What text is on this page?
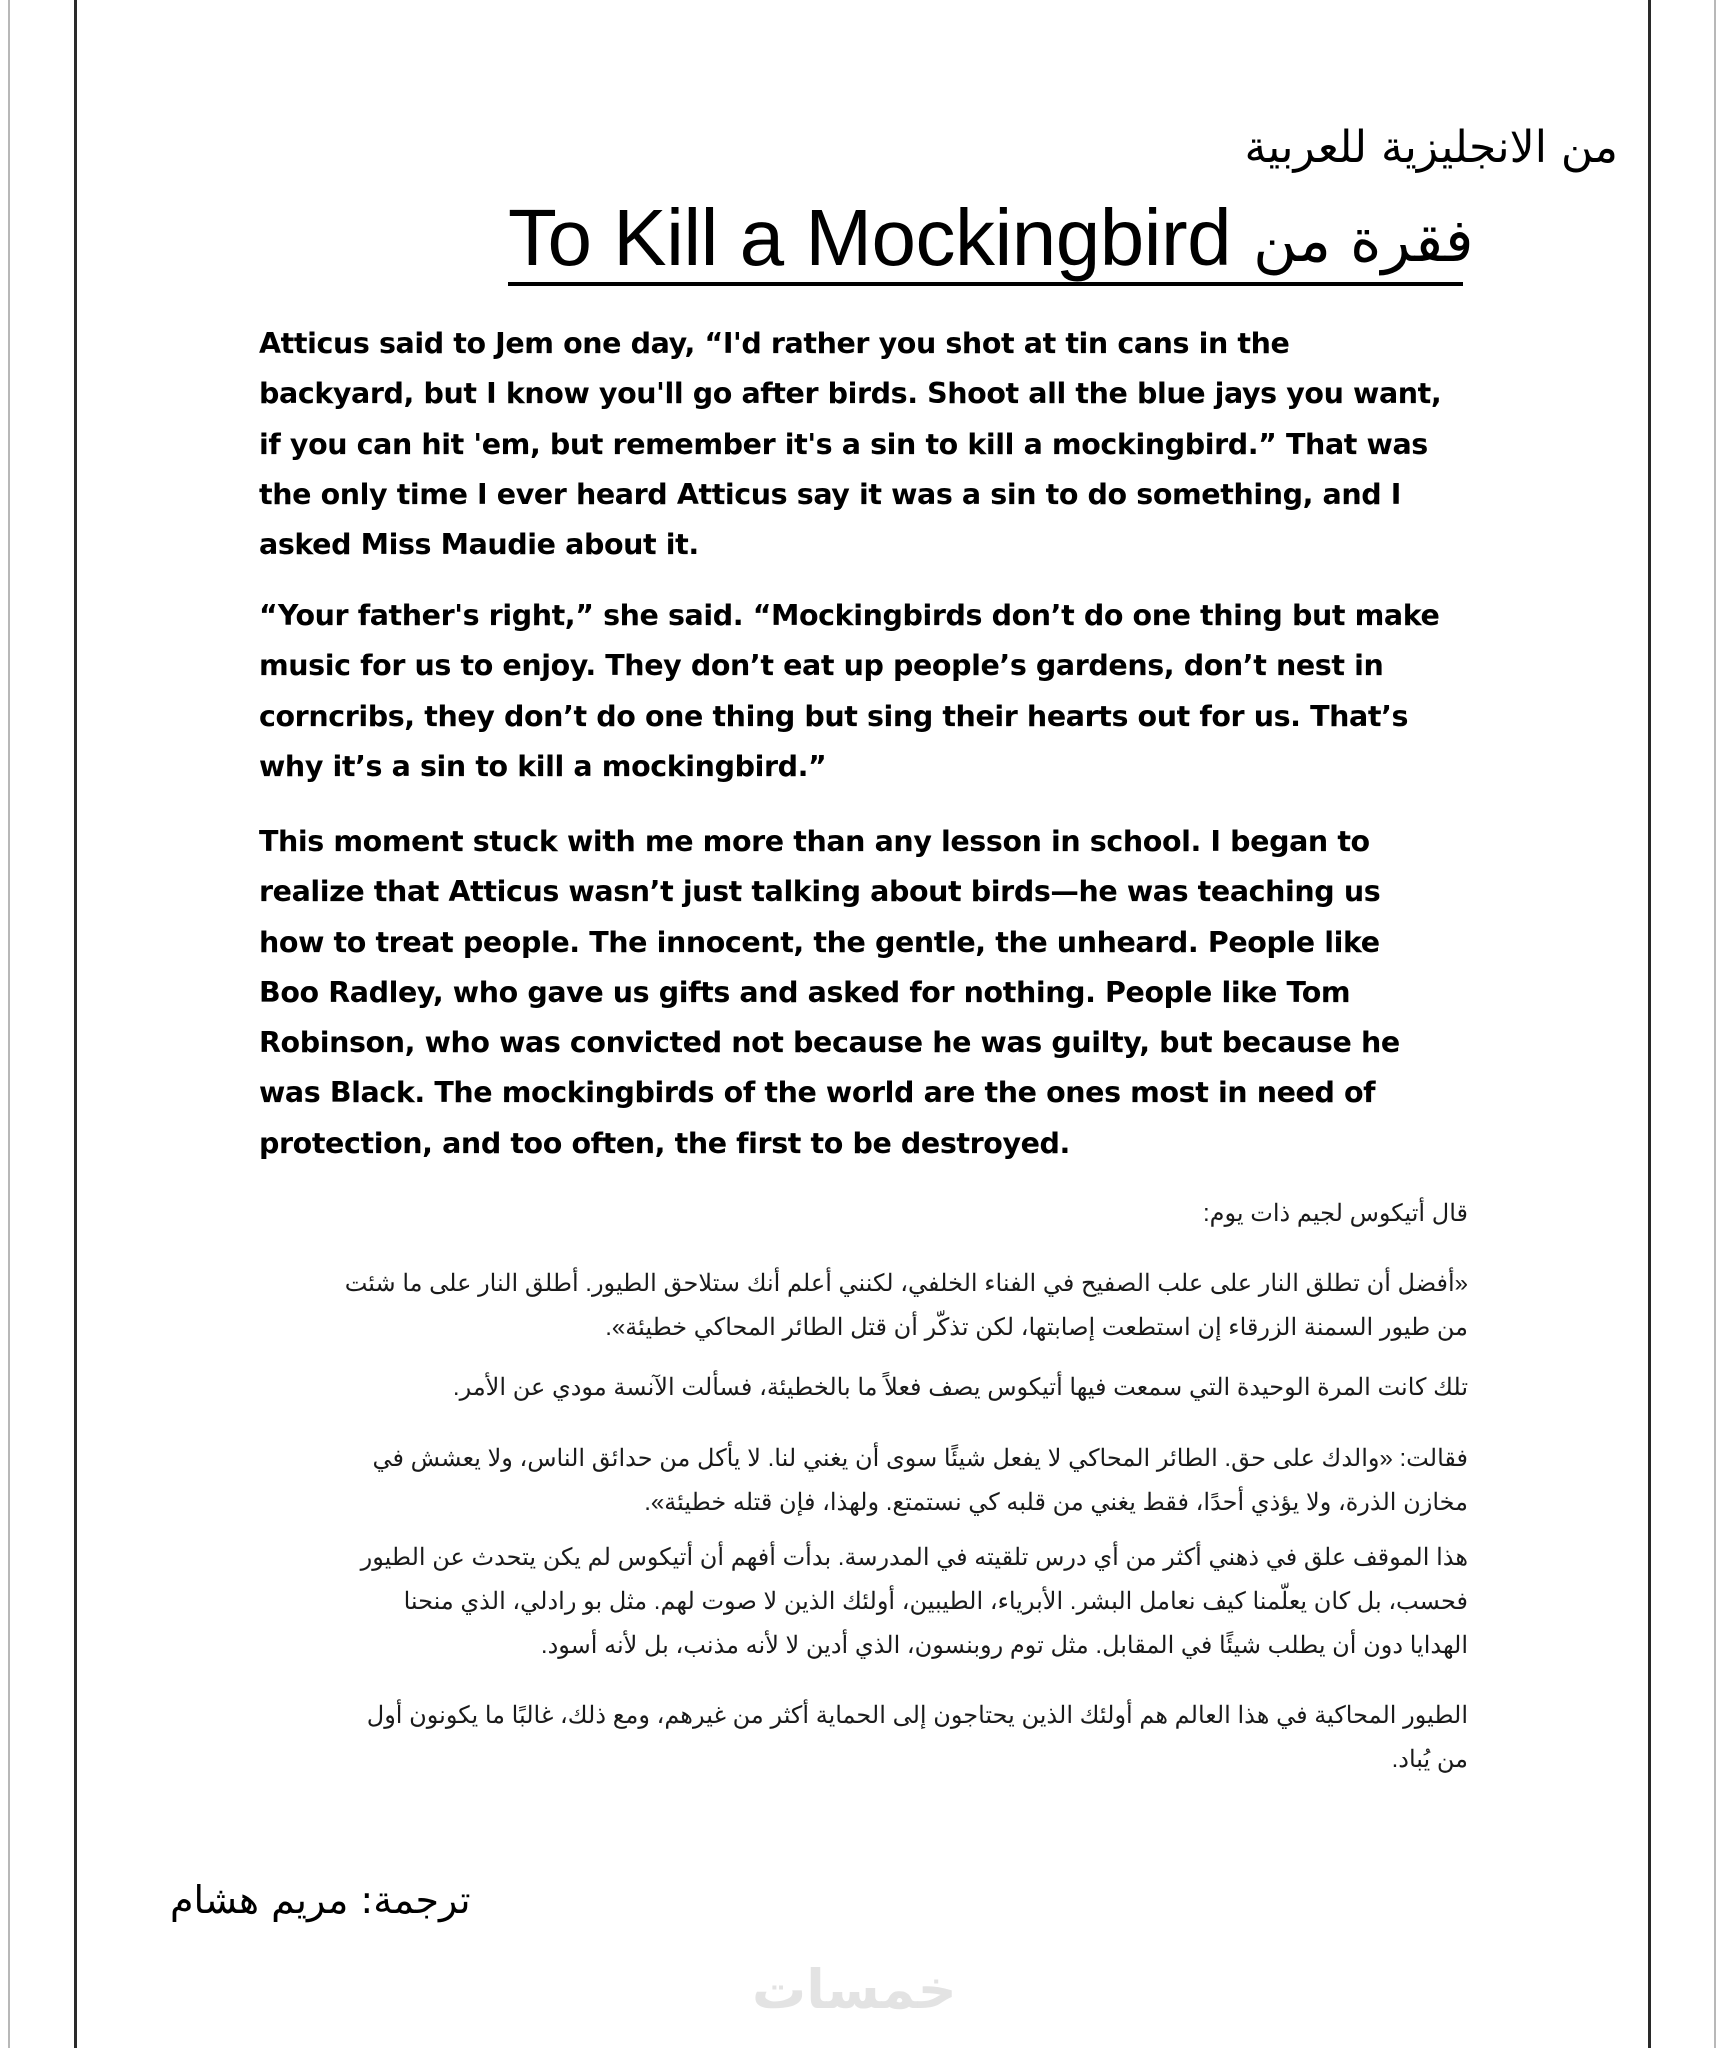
من الانجليزية للعربية
To Kill a Mockingbird فقرة من
Atticus said to Jem one day, “I'd rather you shot at tin cans in the
backyard, but I know you'll go after birds. Shoot all the blue jays you want,
if you can hit 'em, but remember it's a sin to kill a mockingbird.” That was
the only time I ever heard Atticus say it was a sin to do something, and I
asked Miss Maudie about it.
“Your father's right,” she said. “Mockingbirds don’t do one thing but make
music for us to enjoy. They don’t eat up people’s gardens, don’t nest in
corncribs, they don’t do one thing but sing their hearts out for us. That’s
why it’s a sin to kill a mockingbird.”
This moment stuck with me more than any lesson in school. I began to
realize that Atticus wasn’t just talking about birds—he was teaching us
how to treat people. The innocent, the gentle, the unheard. People like
Boo Radley, who gave us gifts and asked for nothing. People like Tom
Robinson, who was convicted not because he was guilty, but because he
was Black. The mockingbirds of the world are the ones most in need of
protection, and too often, the first to be destroyed.
قال أتيكوس لجيم ذات يوم:
«أفضل أن تطلق النار على علب الصفيح في الفناء الخلفي، لكنني أعلم أنك ستلاحق الطيور. أطلق النار على ما شئت
من طيور السمنة الزرقاء إن استطعت إصابتها، لكن تذكّر أن قتل الطائر المحاكي خطيئة».
تلك كانت المرة الوحيدة التي سمعت فيها أتيكوس يصف فعلاً ما بالخطيئة، فسألت الآنسة مودي عن الأمر.
فقالت: «والدك على حق. الطائر المحاكي لا يفعل شيئًا سوى أن يغني لنا. لا يأكل من حدائق الناس، ولا يعشش في
مخازن الذرة، ولا يؤذي أحدًا، فقط يغني من قلبه كي نستمتع. ولهذا، فإن قتله خطيئة».
هذا الموقف علق في ذهني أكثر من أي درس تلقيته في المدرسة. بدأت أفهم أن أتيكوس لم يكن يتحدث عن الطيور
فحسب، بل كان يعلّمنا كيف نعامل البشر. الأبرياء، الطيبين، أولئك الذين لا صوت لهم. مثل بو رادلي، الذي منحنا
الهدايا دون أن يطلب شيئًا في المقابل. مثل توم روبنسون، الذي أدين لا لأنه مذنب، بل لأنه أسود.
الطيور المحاكية في هذا العالم هم أولئك الذين يحتاجون إلى الحماية أكثر من غيرهم، ومع ذلك، غالبًا ما يكونون أول
من يُباد.
ترجمة: مريم هشام
خمسات
